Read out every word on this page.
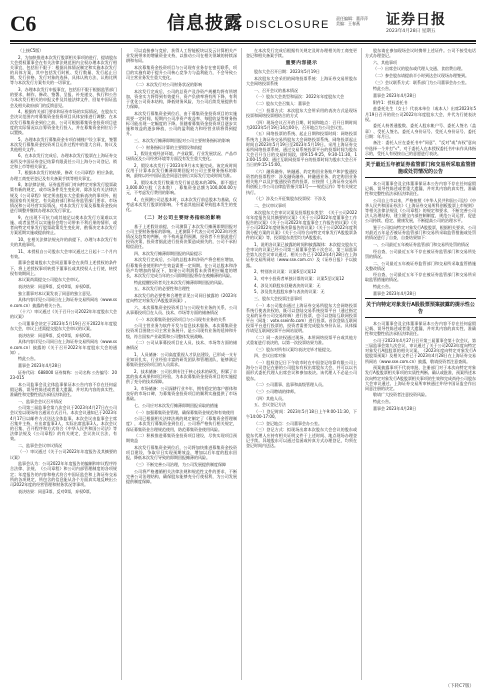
C6	信息披露 DISCLOSURE
责任编辑：董萍萍
美编：王春燕	证券日报
2023年4月28日 星期五

（上接C5版）

2、为加快推进本次发行股票相关事项的进行，提请股东大会授权董事会在有关法律法规范围内全权办理本次发行相关事宜，包括但不限于：根据具体情况制定和实施本次发行的具体方案，其中包括发行时机、发行数量、发行起止日期、发行价格、发行对象的选择、具体认购方法、认购比例等与本次发行方案有关的一切事宜。

3、办理本次发行申报事宜，包括但不限于根据监管部门的要求，制作、修改、签署、呈报、补充递交、执行和公告与本次发行相关的申报文件及其他法律文件，回复中国证监会及相关政府部门的反馈意见。

4、根据有关部门要求和证券市场的实际情况，在股东大会决议范围内对募集资金投资项目具体安排进行调整；在本次发行募集资金到位之前，公司可根据募集资金投资项目进度的实际情况以自筹资金先行投入，并在募集资金到位后予以置换。

5、办理本次发行募集资金专项存储账户设立事宜，签署本次发行募集资金投资项目运作过程中的重大合同、协议及其他相关文件。

6、在本次发行完成后，办理本次发行股票在上海证券交易所及中国证券登记结算有限责任公司上海分公司登记、锁定和上市等相关事宜。

7、根据本次发行的结果，修改《公司章程》相应条款，办理工商变更登记及有关备案手续等相关事宜。

8、如法律法规、证券监管部门对向特定对象发行股票政策有新的规定，或市场条件发生变化时，除涉及有关法律法规及《公司章程》规定须由股东大会重新表决的事项外，根据国家有关规定、有关政府部门和证券监管部门要求、市场情况和公司经营实际情况，对本次发行方案及募集资金投向进行调整并继续办理本次发行事宜。

9、在出现不可抗力或其他足以使本次发行方案难以实施、或者虽然可以实施但会给公司带来不利后果的情形，或者向特定对象发行股票政策发生变化时，酌情决定本次发行方案延期实施或提前终止。

10、在相关法律法规允许的前提下，办理与本次发行有关的其他事项。

11、本授权自公司股东大会审议通过之日起十二个月内有效。

董事会提请股东大会同意董事会在获得上述授权的条件下，将上述授权事项转授予董事长或其授权人士行使，转授权有效期同上。

本议案尚需提交公司股东大会审议。

表决结果：同意9票，反对0票，弃权0票。

独立董事对本议案发表了同意的独立意见。

具体内容详见公司同日在上海证券交易所网站（www.sse.com.cn）披露的相关公告。

（十六）审议通过《关于召开公司2022年年度股东大会的议案》

公司董事会决定于2023年5月19日召开2022年年度股东大会，审议上述需提交股东大会审议的议案。

表决结果：同意9票，反对0票，弃权0票。

具体内容详见公司同日在上海证券交易所网站（www.sse.com.cn）披露的《关于召开2022年年度股东大会的通知》。

特此公告。

董事会 2023年4月28日

证券代码：688000 证券简称：公司名称 公告编号：2023-015

本公司监事会及全体监事保证本公告内容不存在任何虚假记载、误导性陈述或者重大遗漏，并对其内容的真实性、准确性和完整性依法承担法律责任。

一、监事会会议召开情况

公司第三届监事会第九次会议于2023年4月27日在公司会议室以现场结合通讯方式召开。本次会议通知已于2023年4月17日以邮件方式送达全体监事。本次会议由监事会主席召集并主持，应出席监事3人，实际出席监事3人。本次会议的召集、召开程序和方式符合《中华人民共和国公司法》等法律法规及《公司章程》的有关规定，会议决议合法、有效。

二、监事会会议审议情况

（一）审议通过《关于公司2022年年度报告及其摘要的议案》

监事会认为：公司2022年年度报告的编制和审议程序符合法律、法规、《公司章程》和公司内部管理制度的各项规定；年度报告的内容和格式符合中国证监会和上海证券交易所的各项规定，所包含的信息能从各个方面真实地反映出公司2022年度的经营管理和财务状况等事项。

表决结果：同意3票，反对0票，弃权0票。

可以直接参与竞价，获得人工智能板块以及云计算相关产业发展带来的增量资金支持，以推动公司在相关领域的持续深耕和布局。

本次募集资金投资项目与公司现有业务存在密切联系，项目的实施有助于提升公司核心竞争力与盈利能力，不会导致公司主营业务发生重大变化。

（二）本次发行对公司财务状况的影响

本次发行完成后，公司的总资产及净资产规模均将有所增加，资金实力将得到有效提升，资产负债率将有所下降，有利于优化公司资本结构，降低财务风险，为公司后续发展提供有力保障。

本次发行募集资金到位后，由于募集资金投资项目的实施需要一定时间，短期内公司净资产收益率、每股收益等财务指标可能出现一定幅度的下降。但随着募集资金投资项目逐步实施和效益的逐步释放，公司的盈利能力和经营业绩将得到提升。

三、本次发行摊薄即期回报对公司主要财务指标的影响

（一）财务指标计算的主要假设和前提

1、假设宏观经济环境、产业政策、行业发展状况、产品市场情况及公司经营环境等方面没有发生重大变化。

2、假设本次发行于2023年9月末实施完成。该完成时间仅用于计算本次发行摊薄即期回报对公司主要财务指标的影响，最终以经中国证监会同意注册后实际发行完成时间为准。

3、假设本次发行数量为发行前总股本的30%，即不超过3,000.00万股（含本数），募集资金总额为100,000.00万元，不考虑发行费用的影响。

4、在预测公司总股本时，以本次发行前总股本为基础，仅考虑本次发行股票的影响，不考虑其他因素导致股本发生的变化。

（二）对公司主要财务指标的影响

基于上述假设前提，公司测算了本次发行摊薄即期回报对公司主要财务指标的影响。上述测算不代表公司对2023年经营情况及趋势的判断，亦不构成盈利预测，投资者不应据此进行投资决策，投资者据此进行投资决策造成损失的，公司不承担赔偿责任。

四、本次发行摊薄即期回报的风险提示

本次发行完成后，公司的总股本和净资产将会相应增加，但募集资金使用和产生效益需要一定周期。在公司总股本和净资产均增加的情况下，如果公司利润暂未获得相应幅度的增长，本次发行完成当年的公司即期回报将存在被摊薄的风险。

特此提醒投资者关注本次发行摊薄即期回报的风险。

五、本次发行的必要性和合理性

本次发行的必要性和合理性详见公司同日披露的《2023年度向特定对象发行A股股票预案》。

六、本次募集资金投资项目与公司现有业务的关系，公司从事募投项目在人员、技术、市场等方面的储备情况

（一）本次募集资金投资项目与公司现有业务的关系

公司主营业务为软件开发与信息技术服务，本次募集资金投资项目围绕公司主营业务展开，是公司现有业务的延伸和升级，符合国家产业政策和公司整体发展战略。

（二）公司从事募投项目在人员、技术、市场等方面的储备情况

1、人员储备：公司高度重视人才队伍建设，已形成一支专业知识扎实、行业经验丰富的研发团队和管理团队，能够满足募集资金投资项目的人员需求。

2、技术储备：公司长期专注于核心技术的研发，积累了丰富的技术成果和项目经验，为本次募集资金投资项目的实施提供了充分的技术保障。

3、市场储备：公司深耕行业多年，拥有稳定的客户群体和良好的市场口碑，为募集资金投资项目的顺利实施提供了市场基础。

七、公司应对本次发行摊薄即期回报采取的措施

（一）加强募集资金管理，确保募集资金规范和有效使用

公司已根据相关法律法规的规定制定了《募集资金管理制度》，本次发行募集资金到位后，公司将严格执行相关规定，保证募集资金合理规范使用，防范募集资金使用风险。

（二）积极推进募集资金投资项目建设，尽快实现项目预期效益

本次发行募集资金到位后，公司将加快推进募集资金投资项目建设，争取早日实现预期效益，增加以后年度的股东回报，降低本次发行导致的即期回报摊薄的风险。

（三）不断完善公司治理，为公司发展提供制度保障

公司将严格遵循相关法律法规和规范性文件的要求，不断完善公司治理结构，确保股东能够充分行使权利，为公司发展提供制度保障。

在本次发行完成后根据有关规定及时办理相关的工商变更登记和相关备案手续。

重要内容提示

股东大会召开日期：2023年5月19日

本次股东大会采用的网络投票系统：上海证券交易所股东大会网络投票系统

一、召开会议的基本情况

（一）股东大会类型和届次：2022年年度股东大会

（二）股东大会召集人：董事会

（三）投票方式：本次股东大会所采用的表决方式是现场投票和网络投票相结合的方式

（四）现场会议召开的日期、时间和地点：召开日期时间为2023年5月19日14点00分，召开地点为公司会议室。

（五）网络投票的系统、起止日期和投票时间：网络投票系统为上海证券交易所股东大会网络投票系统，网络投票起止时间自2023年5月19日至2023年5月19日。采用上海证券交易所网络投票系统，通过交易系统投票平台的投票时间为股东大会召开当日的交易时间段，即9:15-9:25，9:30-11:30，13:00-15:00；通过互联网投票平台的投票时间为股东大会召开当日的9:15-15:00。

（六）融资融券、转融通、约定购回业务账户和沪股通投资者的投票程序：涉及融资融券、转融通业务、约定购回业务相关账户以及沪股通投资者的投票，应按照《上海证券交易所科创板上市公司自律监管指引第1号——规范运作》等有关规定执行。

（七）涉及公开征集股东投票权：不涉及

二、会议审议事项

本次股东大会审议议案及投票股东类型：《关于公司2022年年度报告及其摘要的议案》《关于公司2022年度董事会工作报告的议案》《关于公司2022年度监事会工作报告的议案》《关于公司2022年度财务决算报告的议案》《关于公司2022年度利润分配方案的议案》《关于公司符合向特定对象发行A股股票条件的议案》等，投票股东类型均为A股股东。

1、说明各议案已披露的时间和披露媒体：本次提交股东大会审议的议案已经公司第三届董事会第十次会议、第三届监事会第九次会议审议通过，相关公告已于2023年4月28日在上海证券交易所网站（www.sse.com.cn）及《证券日报》予以披露。

2、特别决议议案：议案6至议案12

3、对中小投资者单独计票的议案：议案5至议案12

4、涉及关联股东回避表决的议案：无

5、涉及优先股股东参与表决的议案：无

三、股东大会投票注意事项

（一）本公司股东通过上海证券交易所股东大会网络投票系统行使表决权的，既可以登陆交易系统投票平台（通过指定交易的证券公司交易终端）进行投票，也可以登陆互联网投票平台（网址：vote.sseinfo.com）进行投票。首次登陆互联网投票平台进行投票的，投资者需要完成股东身份认证。具体操作请见互联网投票平台网站说明。

（二）同一表决权通过现场、本所网络投票平台或其他方式重复进行表决的，以第一次投票结果为准。

（三）股东对所有议案均表决完毕才能提交。

四、会议出席对象

（一）股权登记日下午收市时在中国登记结算有限公司上海分公司登记在册的公司股东有权出席股东大会，并可以以书面形式委托代理人出席会议和参加表决。该代理人不必是公司股东。

（二）公司董事、监事和高级管理人员。

（三）公司聘请的律师。

（四）其他人员。

五、会议登记方法

（一）登记时间：2023年5月18日上午9:00-11:30，下午14:00-17:00。

（二）登记地点：公司董事会办公室。

（三）登记方式：拟现场出席本次股东大会会议的股东或股东代理人应持有相关证明文件于上述时间、地点现场办理登记手续。异地股东可以通过信函或传真方式办理登记，均须在登记时间内送达。

股东请在参加现场会议时携带上述证件。公司不接受电话方式办理登记。

六、其他事项

（一）出席会议的股东或代理人交通、食宿费自理。

（二）参会股东请提前半小时到达会议现场办理签到。

（三）会议联系方式：联系部门为公司董事会办公室。

特此公告。

董事会 2023年4月28日

附件1：授权委托书

兹委托先生（女士）代表本单位（或本人）出席2023年5月19日召开的贵公司2022年年度股东大会，并代为行使表决权。

委托人持普通股数、委托人股东帐户号、委托人签名（盖章）、受托人签名、委托人身份证号、受托人身份证号、委托日期：年月日。

备注：委托人应在委托书中"同意"、"反对"或"弃权"意向中选择一个并打"√"，对于委托人在本授权委托书中未作具体指示的，受托人有权按自己的意愿进行表决。

关于最近五年被证券监管部门和交易所采取监管措施或处罚情况的公告

本公司董事会及全体董事保证本公告内容不存在任何虚假记载、误导性陈述或者重大遗漏，并对其内容的真实性、准确性和完整性依法承担法律责任。

公司自上市以来，严格按照《中华人民共和国公司法》《中华人民共和国证券法》《上海证券交易所科创板股票上市规则》等相关法律法规及《公司章程》的规定和要求，不断完善公司法人治理结构，建立健全内部控制制度，规范公司运营，促进公司持续、稳定、健康发展，不断提高公司的治理水平。

鉴于公司拟向特定对象发行A股股票，根据相关要求，公司对最近五年是否被证券监管部门和交易所采取监管措施或处罚的情况进行了自查，自查结果如下：

一、公司最近五年被证券监管部门和交易所处罚的情况

经自查，公司最近五年不存在被证券监管部门和交易所处罚的情况。

二、公司最近五年被证券监管部门和交易所采取监管措施及整改情况

经自查，公司最近五年不存在被证券监管部门和交易所采取监管措施的情况。

特此公告。

董事会 2023年4月28日

关于向特定对象发行A股股票预案披露的提示性公告

本公司董事会及全体董事保证本公告内容不存在任何虚假记载、误导性陈述或者重大遗漏，并对其内容的真实性、准确性和完整性依法承担法律责任。

公司于2023年4月27日召开第三届董事会第十次会议、第三届监事会第九次会议，审议通过了关于公司2023年度向特定对象发行A股股票的相关议案。《2023年度向特定对象发行A股股票预案》及相关文件已于2023年4月28日在上海证券交易所网站（www.sse.com.cn）披露，敬请投资者注意查阅。

预案披露事项不代表审批、注册部门对于本次向特定对象发行A股股票相关事项的实质性判断、确认或批准，预案所述本次向特定对象发行A股股票相关事项的生效和完成尚待公司股东大会审议通过、上海证券交易所审核通过并经中国证监会作出同意注册的决定。

敬请广大投资者注意投资风险。

特此公告。

董事会 2023年4月28日

（下转C7版）
